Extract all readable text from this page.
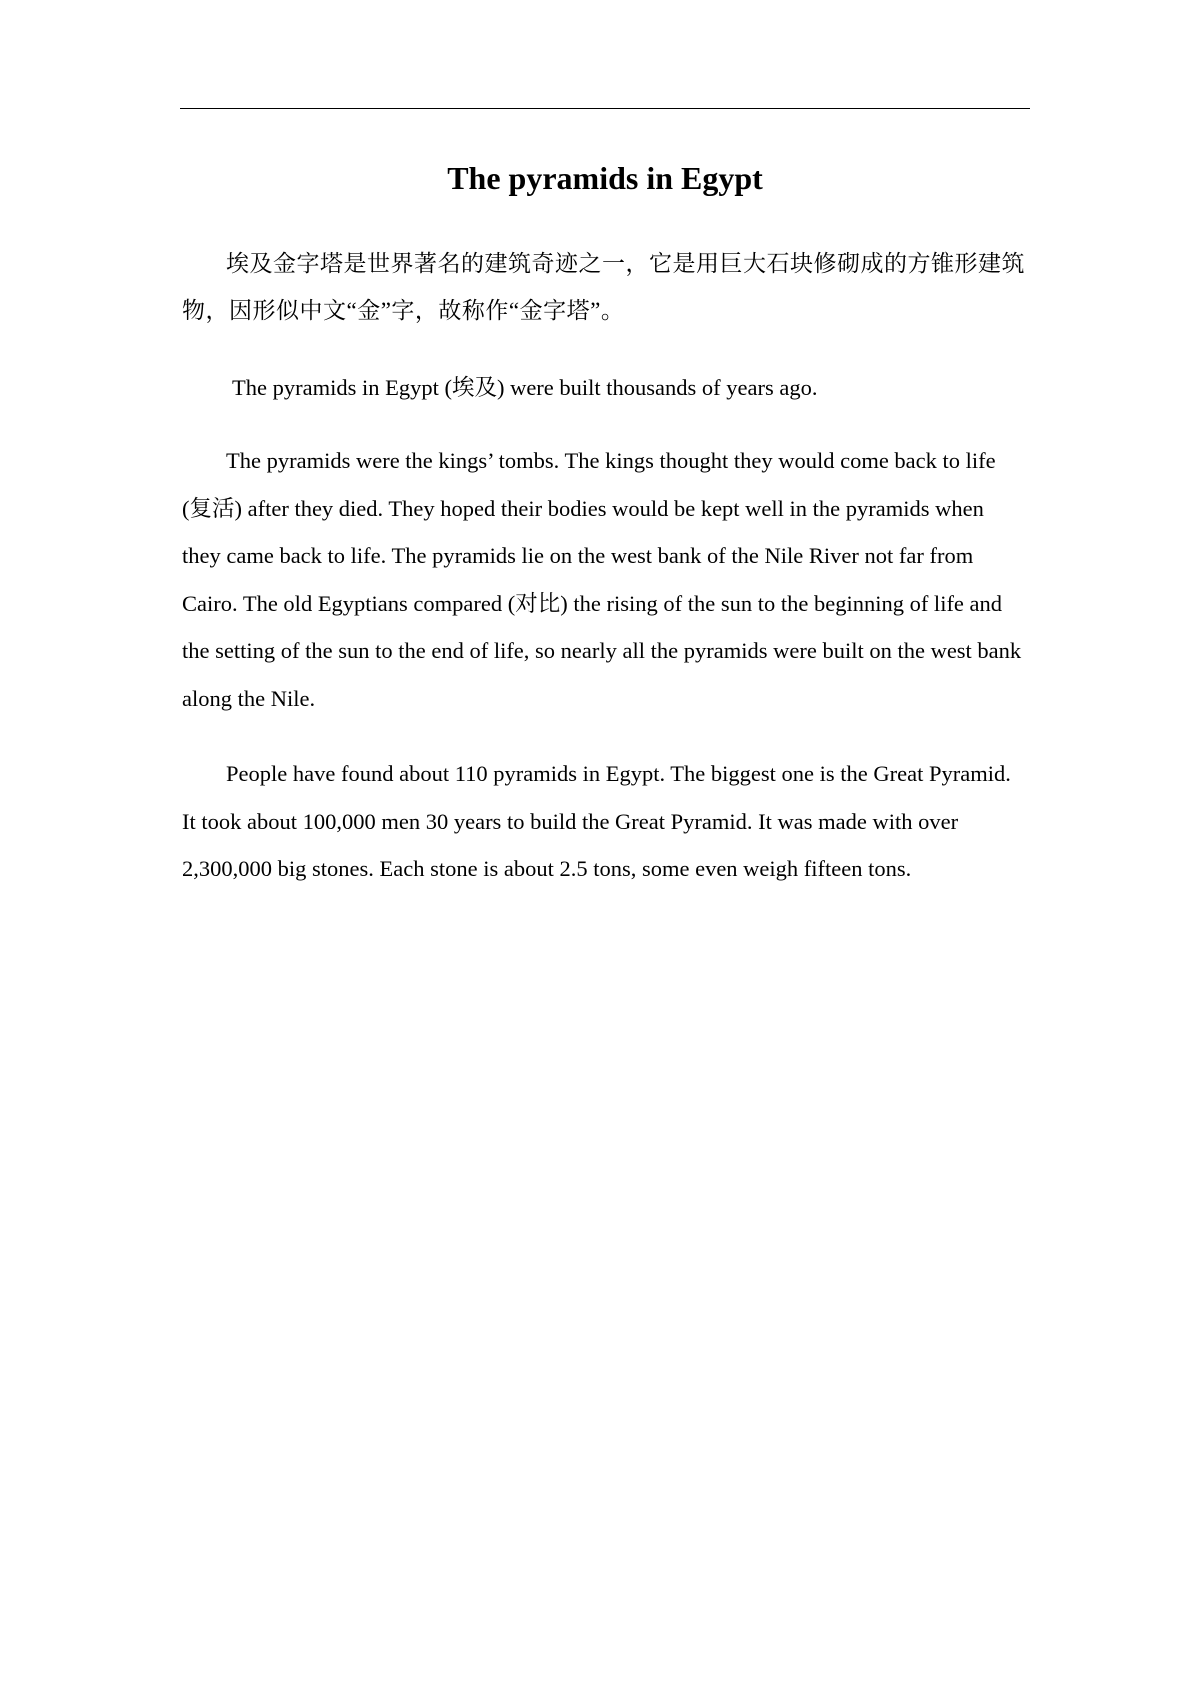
The pyramids in Egypt

埃及金字塔是世界著名的建筑奇迹之一，它是用巨大石块修砌成的方锥形建筑物，因形似中文“金”字，故称作“金字塔”。

The pyramids in Egypt (埃及) were built thousands of years ago.

The pyramids were the kings’ tombs. The kings thought they would come back to life (复活) after they died. They hoped their bodies would be kept well in the pyramids when they came back to life. The pyramids lie on the west bank of the Nile River not far from Cairo. The old Egyptians compared (对比) the rising of the sun to the beginning of life and the setting of the sun to the end of life, so nearly all the pyramids were built on the west bank along the Nile.

People have found about 110 pyramids in Egypt. The biggest one is the Great Pyramid. It took about 100,000 men 30 years to build the Great Pyramid. It was made with over 2,300,000 big stones. Each stone is about 2.5 tons, some even weigh fifteen tons.
